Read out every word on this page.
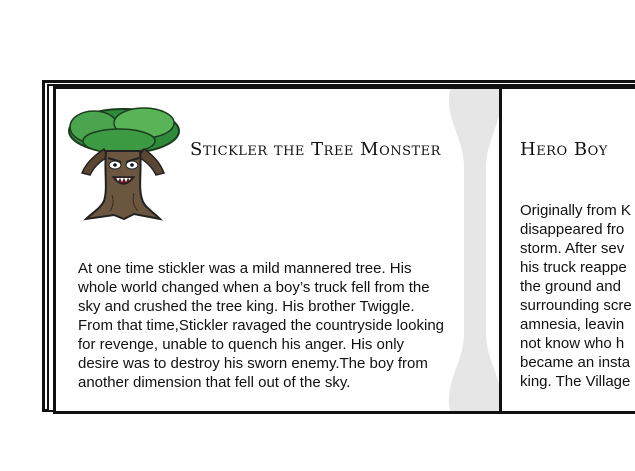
Stickler the Tree Monster
At one time stickler was a mild mannered tree. His
whole world changed when a boy’s truck fell from the
sky and crushed the tree king. His brother Twiggle.
From that time,Stickler ravaged the countryside looking
for revenge, unable to quench his anger. His only
desire was to destroy his sworn enemy.The boy from
another dimension that fell out of the sky.
Hero Boy
Originally from K
disappeared fro
storm. After sev
his truck reappe
the ground and
surrounding scre
amnesia, leavin
not know who h
became an insta
king. The Village
